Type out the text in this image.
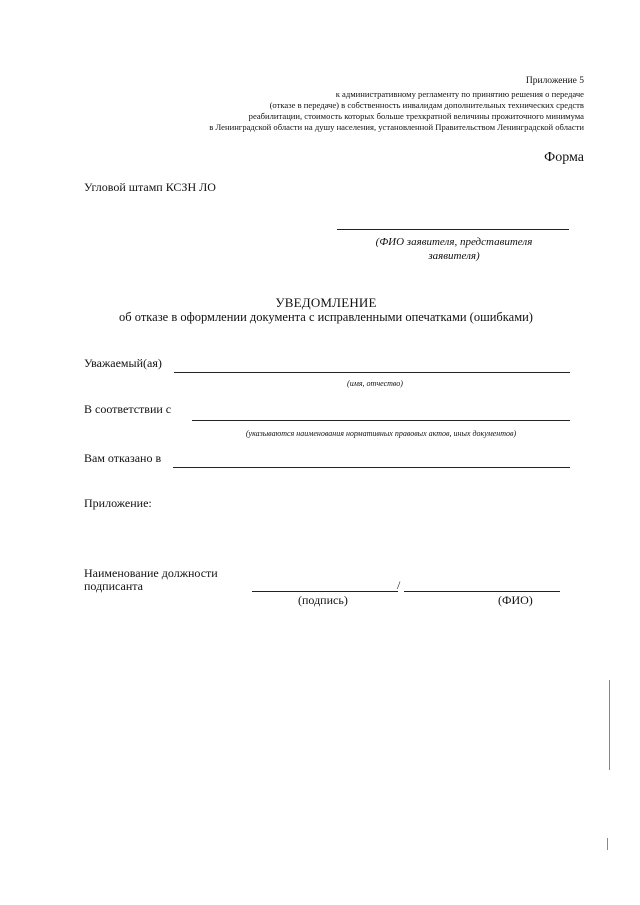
Приложение 5
к административному регламенту по принятию решения о передаче
(отказе в передаче) в собственность инвалидам дополнительных технических средств
реабилитации, стоимость которых больше трехкратной величины прожиточного минимума
в Ленинградской области на душу населения, установленной Правительством Ленинградской области
Форма
Угловой штамп КСЗН ЛО
(ФИО заявителя, представителя
заявителя)
УВЕДОМЛЕНИЕ
об отказе в оформлении документа с исправленными опечатками (ошибками)
Уважаемый(ая)
(имя, отчество)
В соответствии с
(указываются наименования нормативных правовых актов, иных документов)
Вам отказано в
Приложение:
Наименование должности
подписанта	/
(подпись)	(ФИО)
